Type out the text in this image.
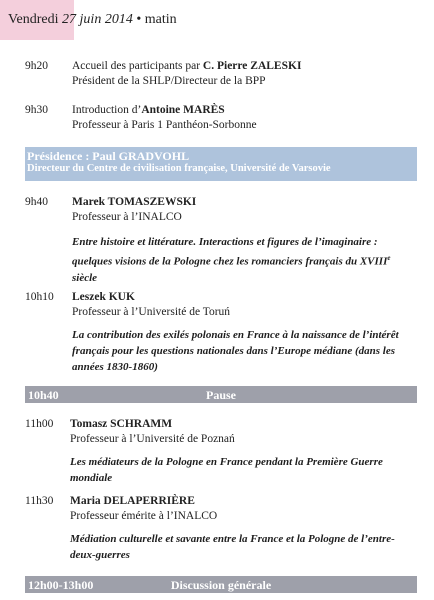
Vendredi 27 juin 2014 • matin
9h20 Accueil des participants par C. Pierre ZALESKI
Président de la SHLP/Directeur de la BPP
9h30 Introduction d’Antoine MARÈS
Professeur à Paris 1 Panthéon-Sorbonne
Présidence : Paul GRADVOHL
Directeur du Centre de civilisation française, Université de Varsovie
9h40 Marek TOMASZEWSKI
Professeur à l’INALCO
Entre histoire et littérature. Interactions et figures de l’imaginaire :
quelques visions de la Pologne chez les romanciers français du XVIIIe
siècle
10h10 Leszek KUK
Professeur à l’Université de Toruń
La contribution des exilés polonais en France à la naissance de l’intérêt
français pour les questions nationales dans l’Europe médiane (dans les
années 1830-1860)
10h40	Pause
11h00 Tomasz SCHRAMM
Professeur à l’Université de Poznań
Les médiateurs de la Pologne en France pendant la Première Guerre
mondiale
11h30 Maria DELAPERRIÈRE
Professeur émérite à l’INALCO
Médiation culturelle et savante entre la France et la Pologne de l’entre-
deux-guerres
12h00-13h00	Discussion générale
